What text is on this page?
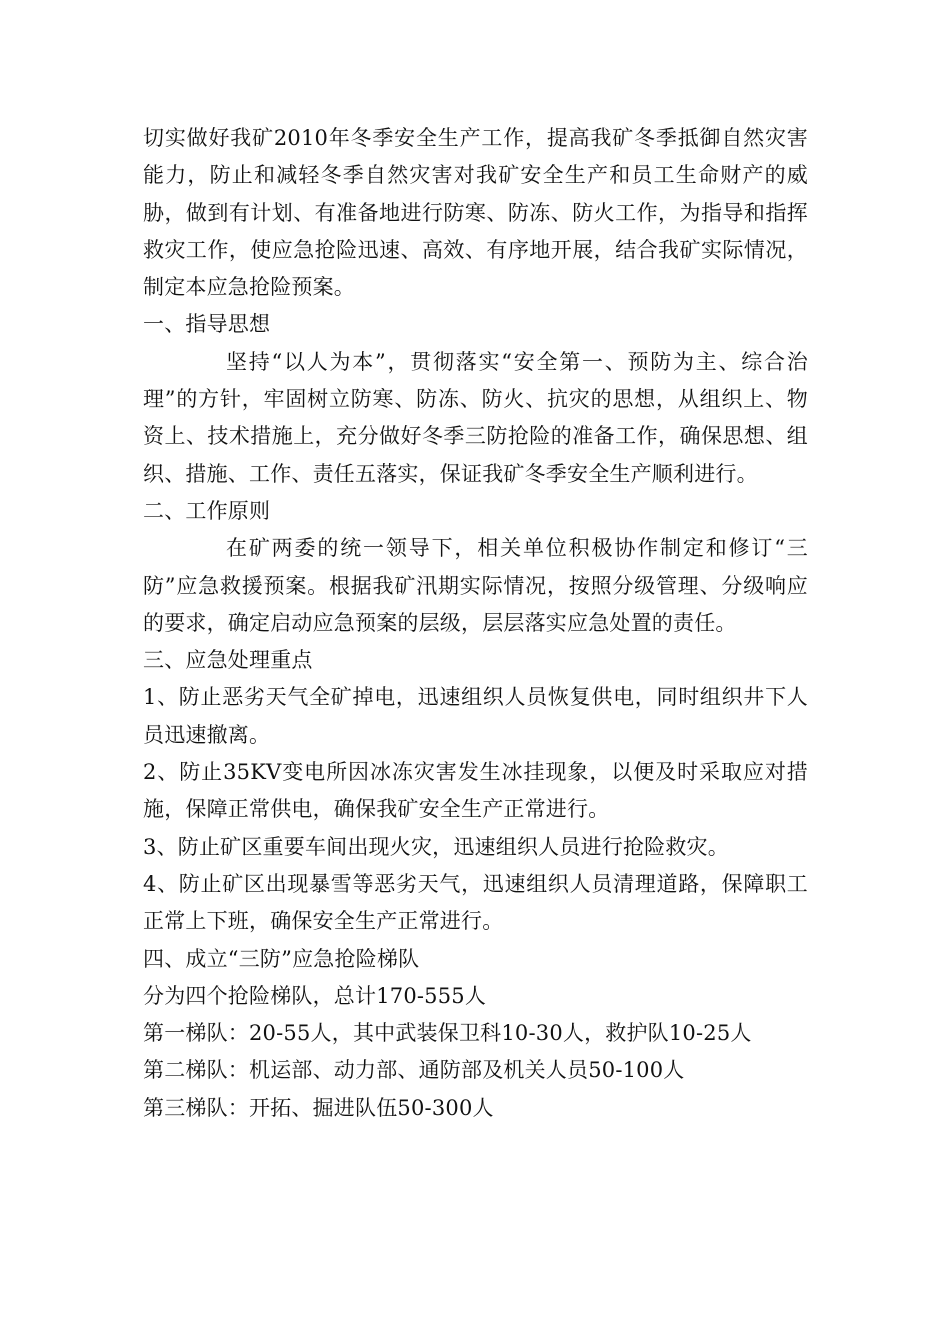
切实做好我矿2010年冬季安全生产工作，提高我矿冬季抵御自然灾害能力，防止和减轻冬季自然灾害对我矿安全生产和员工生命财产的威胁，做到有计划、有准备地进行防寒、防冻、防火工作，为指导和指挥救灾工作，使应急抢险迅速、高效、有序地开展，结合我矿实际情况，制定本应急抢险预案。

一、指导思想

坚持“以人为本”，贯彻落实“安全第一、预防为主、综合治理”的方针，牢固树立防寒、防冻、防火、抗灾的思想，从组织上、物资上、技术措施上，充分做好冬季三防抢险的准备工作，确保思想、组织、措施、工作、责任五落实，保证我矿冬季安全生产顺利进行。

二、工作原则

在矿两委的统一领导下，相关单位积极协作制定和修订“三防”应急救援预案。根据我矿汛期实际情况，按照分级管理、分级响应的要求，确定启动应急预案的层级，层层落实应急处置的责任。

三、应急处理重点

1、防止恶劣天气全矿掉电，迅速组织人员恢复供电，同时组织井下人员迅速撤离。

2、防止35KV变电所因冰冻灾害发生冰挂现象，以便及时采取应对措施，保障正常供电，确保我矿安全生产正常进行。

3、防止矿区重要车间出现火灾，迅速组织人员进行抢险救灾。

4、防止矿区出现暴雪等恶劣天气，迅速组织人员清理道路，保障职工正常上下班，确保安全生产正常进行。

四、成立“三防”应急抢险梯队

分为四个抢险梯队，总计170-555人

第一梯队：20-55人，其中武装保卫科10-30人，救护队10-25人

第二梯队：机运部、动力部、通防部及机关人员50-100人

第三梯队：开拓、掘进队伍50-300人
